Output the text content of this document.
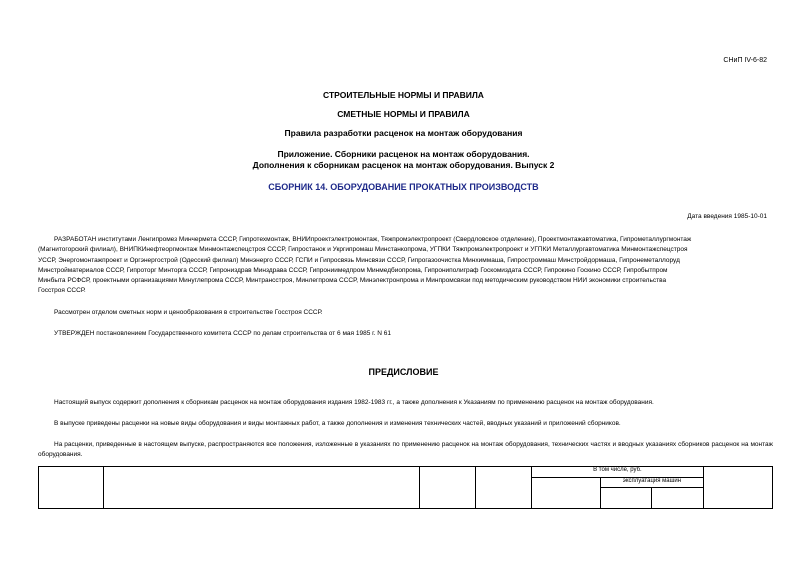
СНиП IV-6-82
СТРОИТЕЛЬНЫЕ НОРМЫ И ПРАВИЛА
СМЕТНЫЕ НОРМЫ И ПРАВИЛА
Правила разработки расценок на монтаж оборудования
Приложение. Сборники расценок на монтаж оборудования.
Дополнения к сборникам расценок на монтаж оборудования. Выпуск 2
СБОРНИК 14. ОБОРУДОВАНИЕ ПРОКАТНЫХ ПРОИЗВОДСТВ
Дата введения 1985-10-01
РАЗРАБОТАН институтами Ленгипромез Минчермета СССР, Гипротехмонтаж, ВНИИпроектэлектромонтаж, Тяжпромэлектропроект (Свердловское отделение), Проектмонтажавтоматика, Гипрометаллургмонтаж
(Магнитогорский филиал), ВНИПКИнефтеоргмонтаж Минмонтажспецстроя СССР, Гипростанок и Укргипромаш Минстанкопрома, УГПКИ Тяжпромэлектропроект и УГПКИ Металлургавтоматика Минмонтажспецстроя
УССР, Энергомонтажпроект и Оргэнергострой (Одесский филиал) Минэнерго СССР, ГСПИ и Гипросвязь Минсвязи СССР, Гипрогазоочистка Минхиммаша, Гипростроммаш Минстройдормаша, Гипронеметаллоруд
Минстройматериалов СССР, Гипроторг Минторга СССР, Гипрониздрав Минздрава СССР, Гипрониимедпром Минмедбиопрома, Гипрониполиграф Госкомиздата СССР, Гипрокино Госкино СССР, Гипробытпром
Минбыта РСФСР, проектными организациями Минуглепрома СССР, Минтрансстроя, Минлегпрома СССР, Минэлектронпрома и Минпромсвязи под методическим руководством НИИ экономики строительства
Госстроя СССР.
Рассмотрен отделом сметных норм и ценообразования в строительстве Госстроя СССР.
УТВЕРЖДЕН постановлением Государственного комитета СССР по делам строительства от 6 мая 1985 г. N 61
ПРЕДИСЛОВИЕ
Настоящий выпуск содержит дополнения к сборникам расценок на монтаж оборудования издания 1982-1983 гг., а также дополнения к Указаниям по применению расценок на монтаж оборудования.
В выпуске приведены расценки на новые виды оборудования и виды монтажных работ, а также дополнения и изменения технических частей, вводных указаний и приложений сборников.
На расценки, приведенные в настоящем выпуске, распространяются все положения, изложенные в указаниях по применению расценок на монтаж оборудования, технических частях и вводных указаниях сборников расценок на монтаж оборудования.
				В том числе, руб.			
					эксплуатация машин		
